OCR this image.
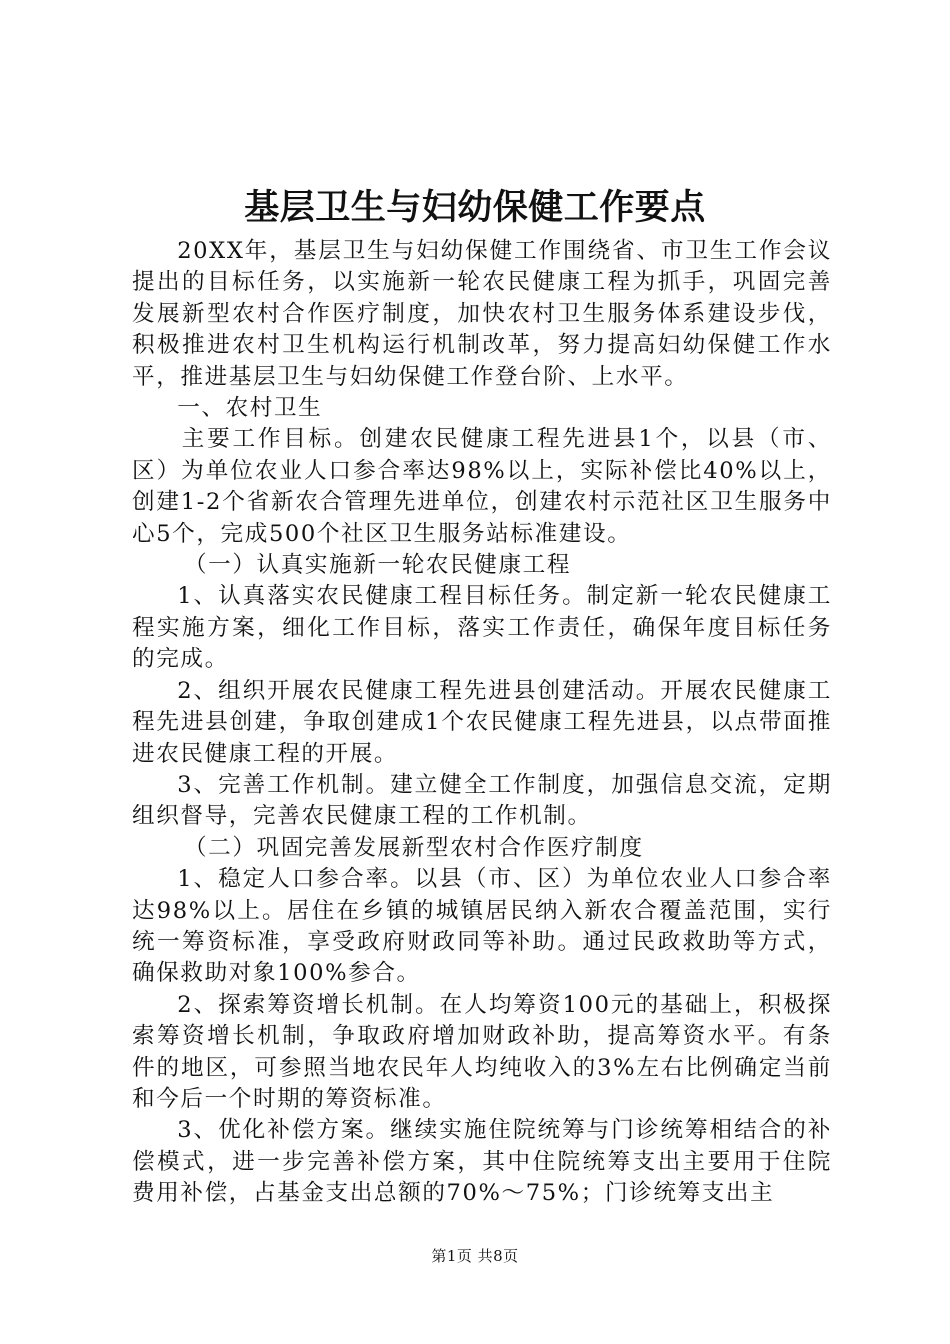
基层卫生与妇幼保健工作要点

20XX年，基层卫生与妇幼保健工作围绕省、市卫生工作会议提出的目标任务，以实施新一轮农民健康工程为抓手，巩固完善发展新型农村合作医疗制度，加快农村卫生服务体系建设步伐，积极推进农村卫生机构运行机制改革，努力提高妇幼保健工作水平，推进基层卫生与妇幼保健工作登台阶、上水平。

一、农村卫生

主要工作目标。创建农民健康工程先进县1个，以县（市、区）为单位农业人口参合率达98%以上，实际补偿比40%以上，创建1-2个省新农合管理先进单位，创建农村示范社区卫生服务中心5个，完成500个社区卫生服务站标准建设。

（一）认真实施新一轮农民健康工程

1、认真落实农民健康工程目标任务。制定新一轮农民健康工程实施方案，细化工作目标，落实工作责任，确保年度目标任务的完成。

2、组织开展农民健康工程先进县创建活动。开展农民健康工程先进县创建，争取创建成1个农民健康工程先进县，以点带面推进农民健康工程的开展。

3、完善工作机制。建立健全工作制度，加强信息交流，定期组织督导，完善农民健康工程的工作机制。

（二）巩固完善发展新型农村合作医疗制度

1、稳定人口参合率。以县（市、区）为单位农业人口参合率达98%以上。居住在乡镇的城镇居民纳入新农合覆盖范围，实行统一筹资标准，享受政府财政同等补助。通过民政救助等方式，确保救助对象100%参合。

2、探索筹资增长机制。在人均筹资100元的基础上，积极探索筹资增长机制，争取政府增加财政补助，提高筹资水平。有条件的地区，可参照当地农民年人均纯收入的3%左右比例确定当前和今后一个时期的筹资标准。

3、优化补偿方案。继续实施住院统筹与门诊统筹相结合的补偿模式，进一步完善补偿方案，其中住院统筹支出主要用于住院费用补偿，占基金支出总额的70%～75%；门诊统筹支出主

第1页 共8页
